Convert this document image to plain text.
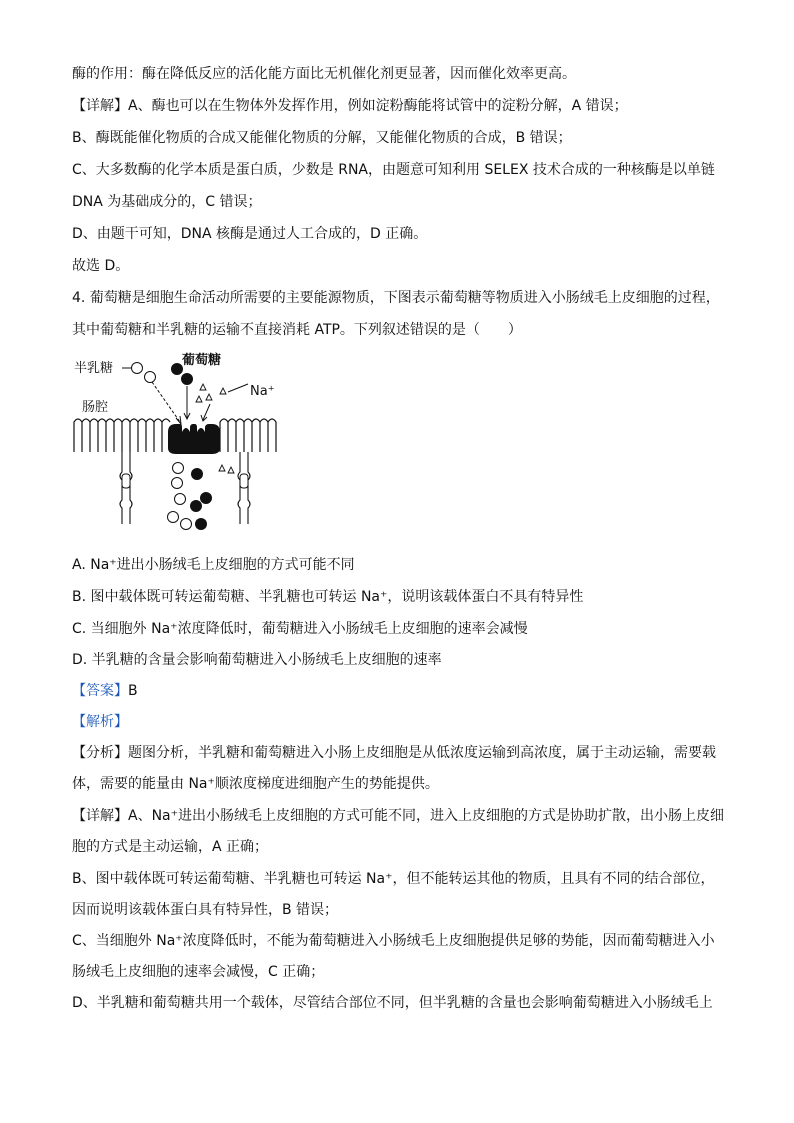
酶的作用：酶在降低反应的活化能方面比无机催化剂更显著，因而催化效率更高。
【详解】A、酶也可以在生物体外发挥作用，例如淀粉酶能将试管中的淀粉分解，A 错误；
B、酶既能催化物质的合成又能催化物质的分解，又能催化物质的合成，B 错误；
C、大多数酶的化学本质是蛋白质，少数是 RNA，由题意可知利用 SELEX 技术合成的一种核酶是以单链
DNA 为基础成分的，C 错误；
D、由题干可知，DNA 核酶是通过人工合成的，D 正确。
故选 D。
4. 葡萄糖是细胞生命活动所需要的主要能源物质，下图表示葡萄糖等物质进入小肠绒毛上皮细胞的过程，
其中葡萄糖和半乳糖的运输不直接消耗 ATP。下列叙述错误的是（　　）
半乳糖
葡萄糖
肠腔
Na⁺
A. Na⁺进出小肠绒毛上皮细胞的方式可能不同
B. 图中载体既可转运葡萄糖、半乳糖也可转运 Na⁺，说明该载体蛋白不具有特异性
C. 当细胞外 Na⁺浓度降低时，葡萄糖进入小肠绒毛上皮细胞的速率会减慢
D. 半乳糖的含量会影响葡萄糖进入小肠绒毛上皮细胞的速率
【答案】B
【解析】
【分析】题图分析，半乳糖和葡萄糖进入小肠上皮细胞是从低浓度运输到高浓度，属于主动运输，需要载
体，需要的能量由 Na⁺顺浓度梯度进细胞产生的势能提供。
【详解】A、Na⁺进出小肠绒毛上皮细胞的方式可能不同，进入上皮细胞的方式是协助扩散，出小肠上皮细
胞的方式是主动运输，A 正确；
B、图中载体既可转运葡萄糖、半乳糖也可转运 Na⁺，但不能转运其他的物质，且具有不同的结合部位，
因而说明该载体蛋白具有特异性，B 错误；
C、当细胞外 Na⁺浓度降低时，不能为葡萄糖进入小肠绒毛上皮细胞提供足够的势能，因而葡萄糖进入小
肠绒毛上皮细胞的速率会减慢，C 正确；
D、半乳糖和葡萄糖共用一个载体，尽管结合部位不同，但半乳糖的含量也会影响葡萄糖进入小肠绒毛上
